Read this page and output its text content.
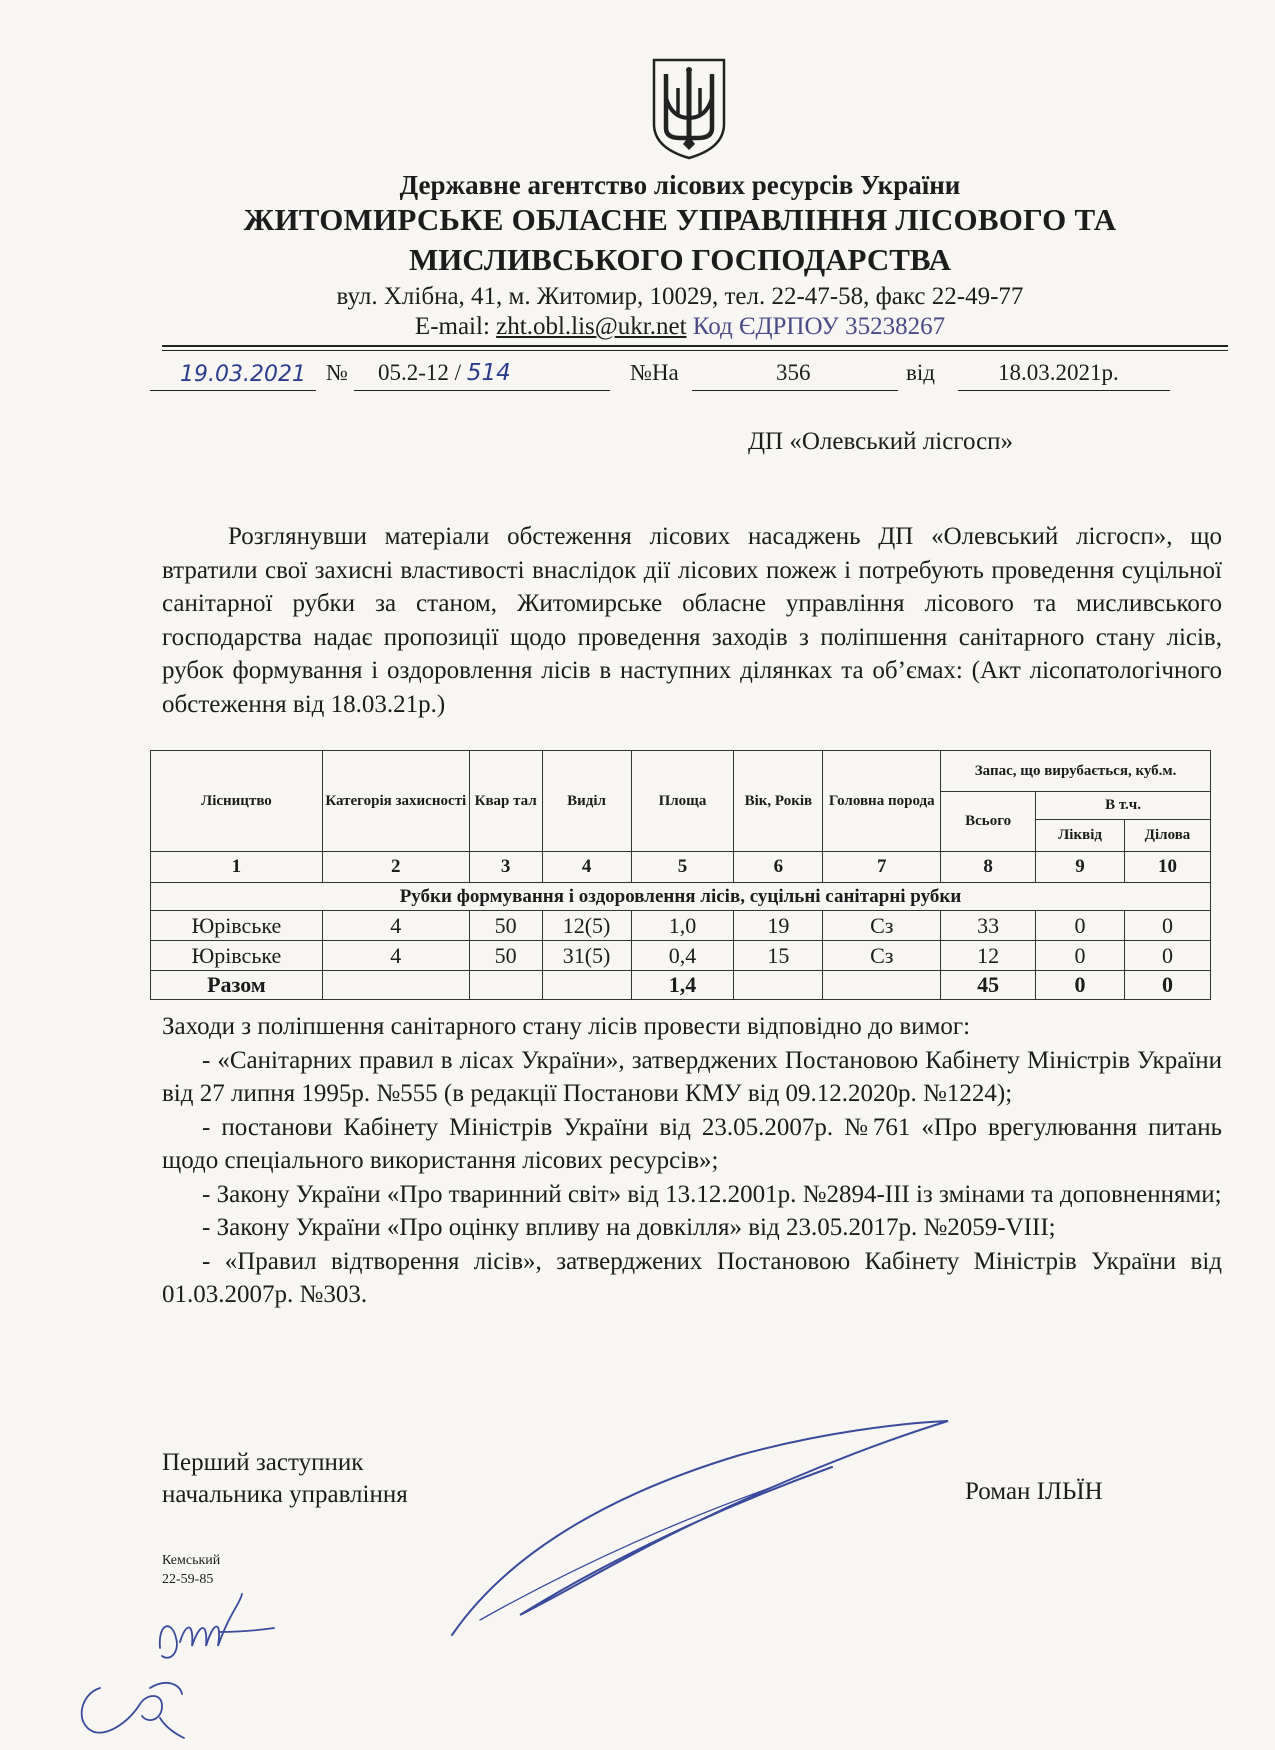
Державне агентство лісових ресурсів України
ЖИТОМИРСЬКЕ ОБЛАСНЕ УПРАВЛІННЯ ЛІСОВОГО ТА
МИСЛИВСЬКОГО ГОСПОДАРСТВА
вул. Хлібна, 41, м. Житомир, 10029, тел. 22-47-58, факс 22-49-77
E-mail: zht.obl.lis@ukr.net Код ЄДРПОУ 35238267
19.03.2021 № 05.2-12 / 514	№На	356	від	18.03.2021р.
ДП «Олевський лісгосп»
Розглянувши матеріали обстеження лісових насаджень ДП «Олевський лісгосп», що втратили свої захисні властивості внаслідок дії лісових пожеж і потребують проведення суцільної санітарної рубки за станом, Житомирське обласне управління лісового та мисливського господарства надає пропозиції щодо проведення заходів з поліпшення санітарного стану лісів, рубок формування і оздоровлення лісів в наступних ділянках та об’ємах: (Акт лісопатологічного обстеження від 18.03.21р.)
Лісництво	Категорія захисності	Квар тал	Виділ	Площа	Вік, Років	Головна порода	Запас, що вирубається, куб.м.		
							Всього	В т.ч.	
								Ліквід	Ділова
1	2	3	4	5	6	7	8	9	10
Рубки формування і оздоровлення лісів, суцільні санітарні рубки									
Юрівське	4	50	12(5)	1,0	19	Сз	33	0	0
Юрівське	4	50	31(5)	0,4	15	Сз	12	0	0
Разом				1,4			45	0	0

Заходи з поліпшення санітарного стану лісів провести відповідно до вимог:

- «Санітарних правил в лісах України», затверджених Постановою Кабінету Міністрів України від 27 липня 1995р. №555 (в редакції Постанови КМУ від 09.12.2020р. №1224);

- постанови Кабінету Міністрів України від 23.05.2007р. №761 «Про врегулювання питань щодо спеціального використання лісових ресурсів»;

- Закону України «Про тваринний світ» від 13.12.2001р. №2894-ІІІ із змінами та доповненнями;

- Закону України «Про оцінку впливу на довкілля» від 23.05.2017р. №2059-VIII;

- «Правил відтворення лісів», затверджених Постановою Кабінету Міністрів України від 01.03.2007р. №303.

Перший заступник
начальника управління	Роман ІЛЬЇН
Кемський
22-59-85
